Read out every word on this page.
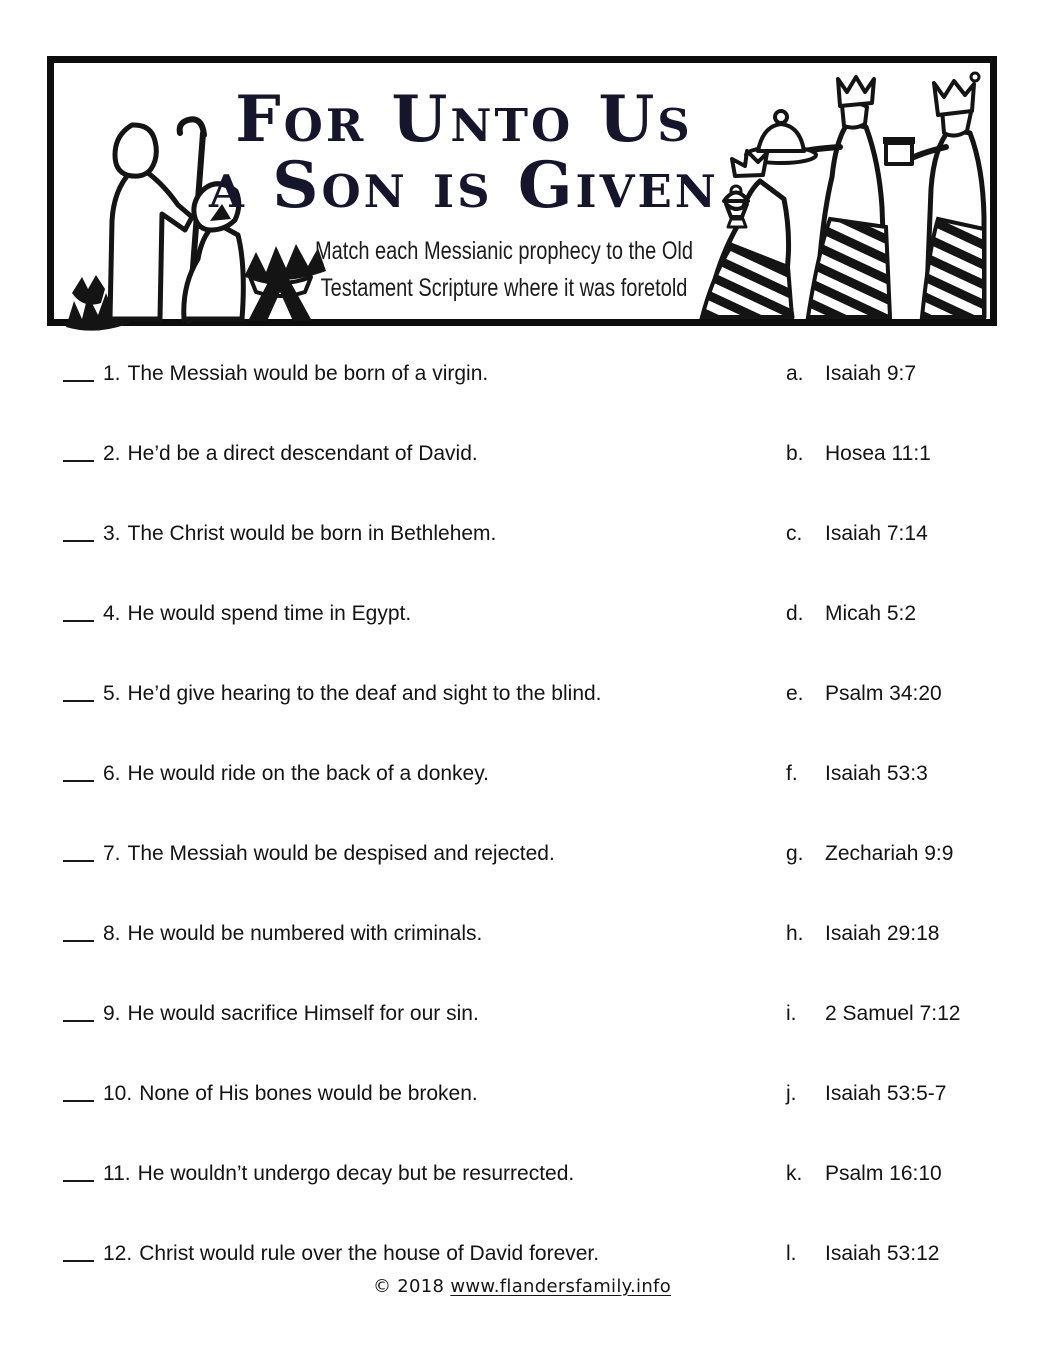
For Unto Us
a Son is Given
Match each Messianic prophecy to the Old
Testament Scripture where it was foretold
1. The Messiah would be born of a virgin.	a. Isaiah 9:7
2. He’d be a direct descendant of David.	b. Hosea 11:1
3. The Christ would be born in Bethlehem.	c. Isaiah 7:14
4. He would spend time in Egypt.	d. Micah 5:2
5. He’d give hearing to the deaf and sight to the blind.	e. Psalm 34:20
6. He would ride on the back of a donkey.	f. Isaiah 53:3
7. The Messiah would be despised and rejected.	g. Zechariah 9:9
8. He would be numbered with criminals.	h. Isaiah 29:18
9. He would sacrifice Himself for our sin.	i. 2 Samuel 7:12
10. None of His bones would be broken.	j. Isaiah 53:5-7
11. He wouldn’t undergo decay but be resurrected.	k. Psalm 16:10
12. Christ would rule over the house of David forever.	l. Isaiah 53:12
© 2018 www.flandersfamily.info
